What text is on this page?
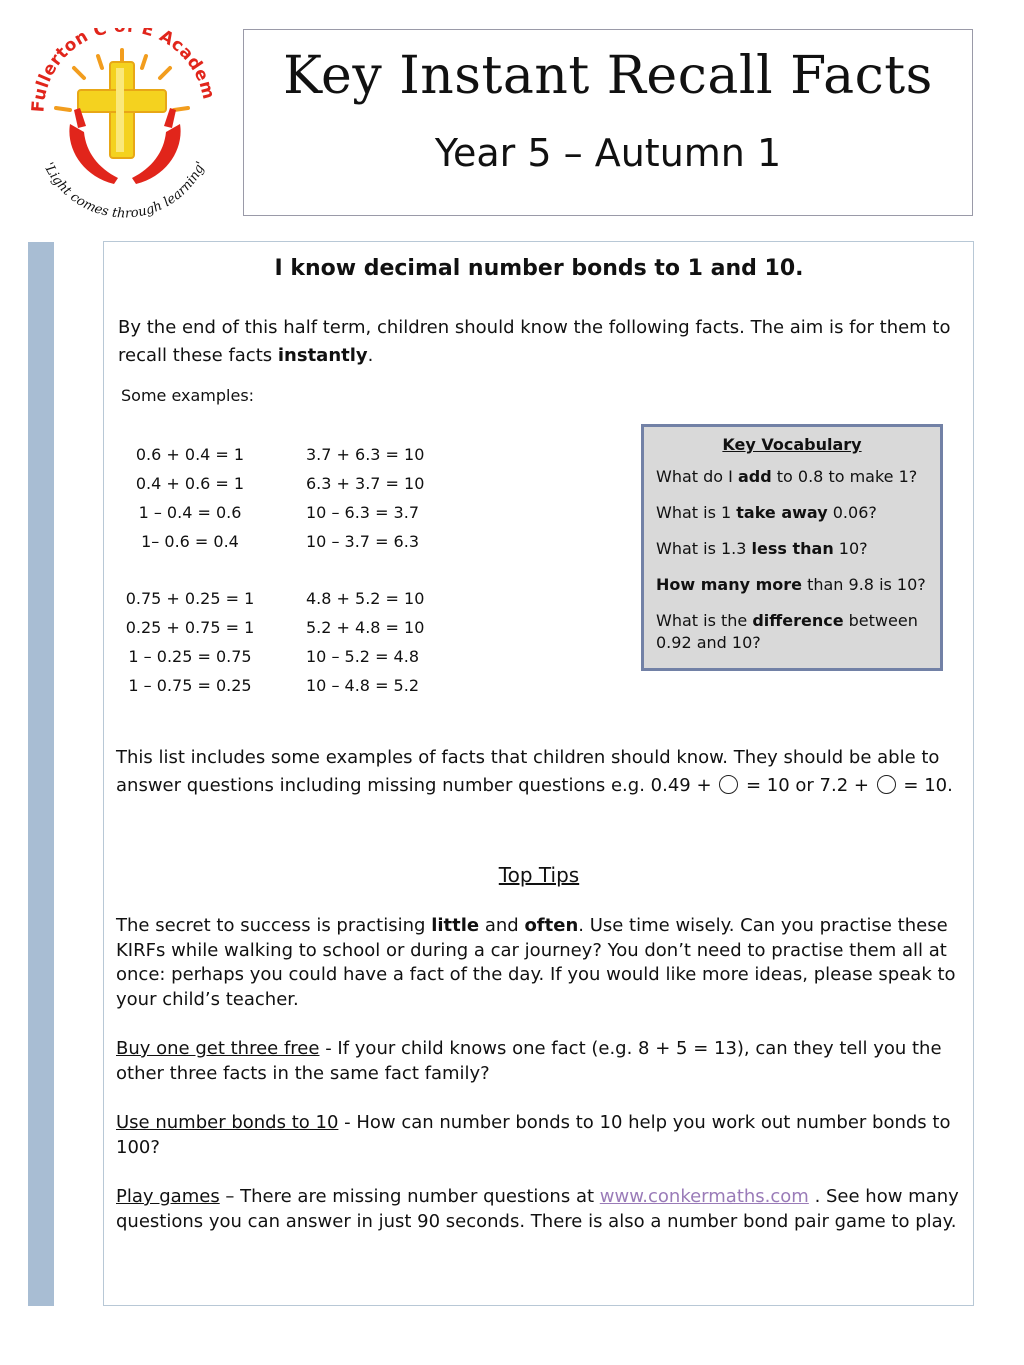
Fullerton C E Academ
'Light comes through learning'
Key Instant Recall Facts
Year 5 – Autumn 1
I know decimal number bonds to 1 and 10.

By the end of this half term, children should know the following facts. The aim is for them to recall these facts instantly.

Some examples:
0.6 + 0.4 = 1
0.4 + 0.6 = 1
1 – 0.4 = 0.6
1– 0.6 = 0.4
3.7 + 6.3 = 10
6.3 + 3.7 = 10
10 – 6.3 = 3.7
10 – 3.7 = 6.3
0.75 + 0.25 = 1
0.25 + 0.75 = 1
1 – 0.25 = 0.75
1 – 0.75 = 0.25
4.8 + 5.2 = 10
5.2 + 4.8 = 10
10 – 5.2 = 4.8
10 – 4.8 = 5.2
Key Vocabulary
What do I add to 0.8 to make 1?
What is 1 take away 0.06?
What is 1.3 less than 10?
How many more than 9.8 is 10?
What is the difference between 0.92 and 10?

This list includes some examples of facts that children should know. They should be able to answer questions including missing number questions e.g. 0.49 +  = 10 or 7.2 +  = 10.

Top Tips

The secret to success is practising little and often. Use time wisely. Can you practise these KIRFs while walking to school or during a car journey? You don’t need to practise them all at once: perhaps you could have a fact of the day. If you would like more ideas, please speak to your child’s teacher.

Buy one get three free - If your child knows one fact (e.g. 8 + 5 = 13), can they tell you the other three facts in the same fact family?

Use number bonds to 10 - How can number bonds to 10 help you work out number bonds to 100?

Play games – There are missing number questions at www.conkermaths.com . See how many questions you can answer in just 90 seconds. There is also a number bond pair game to play.
